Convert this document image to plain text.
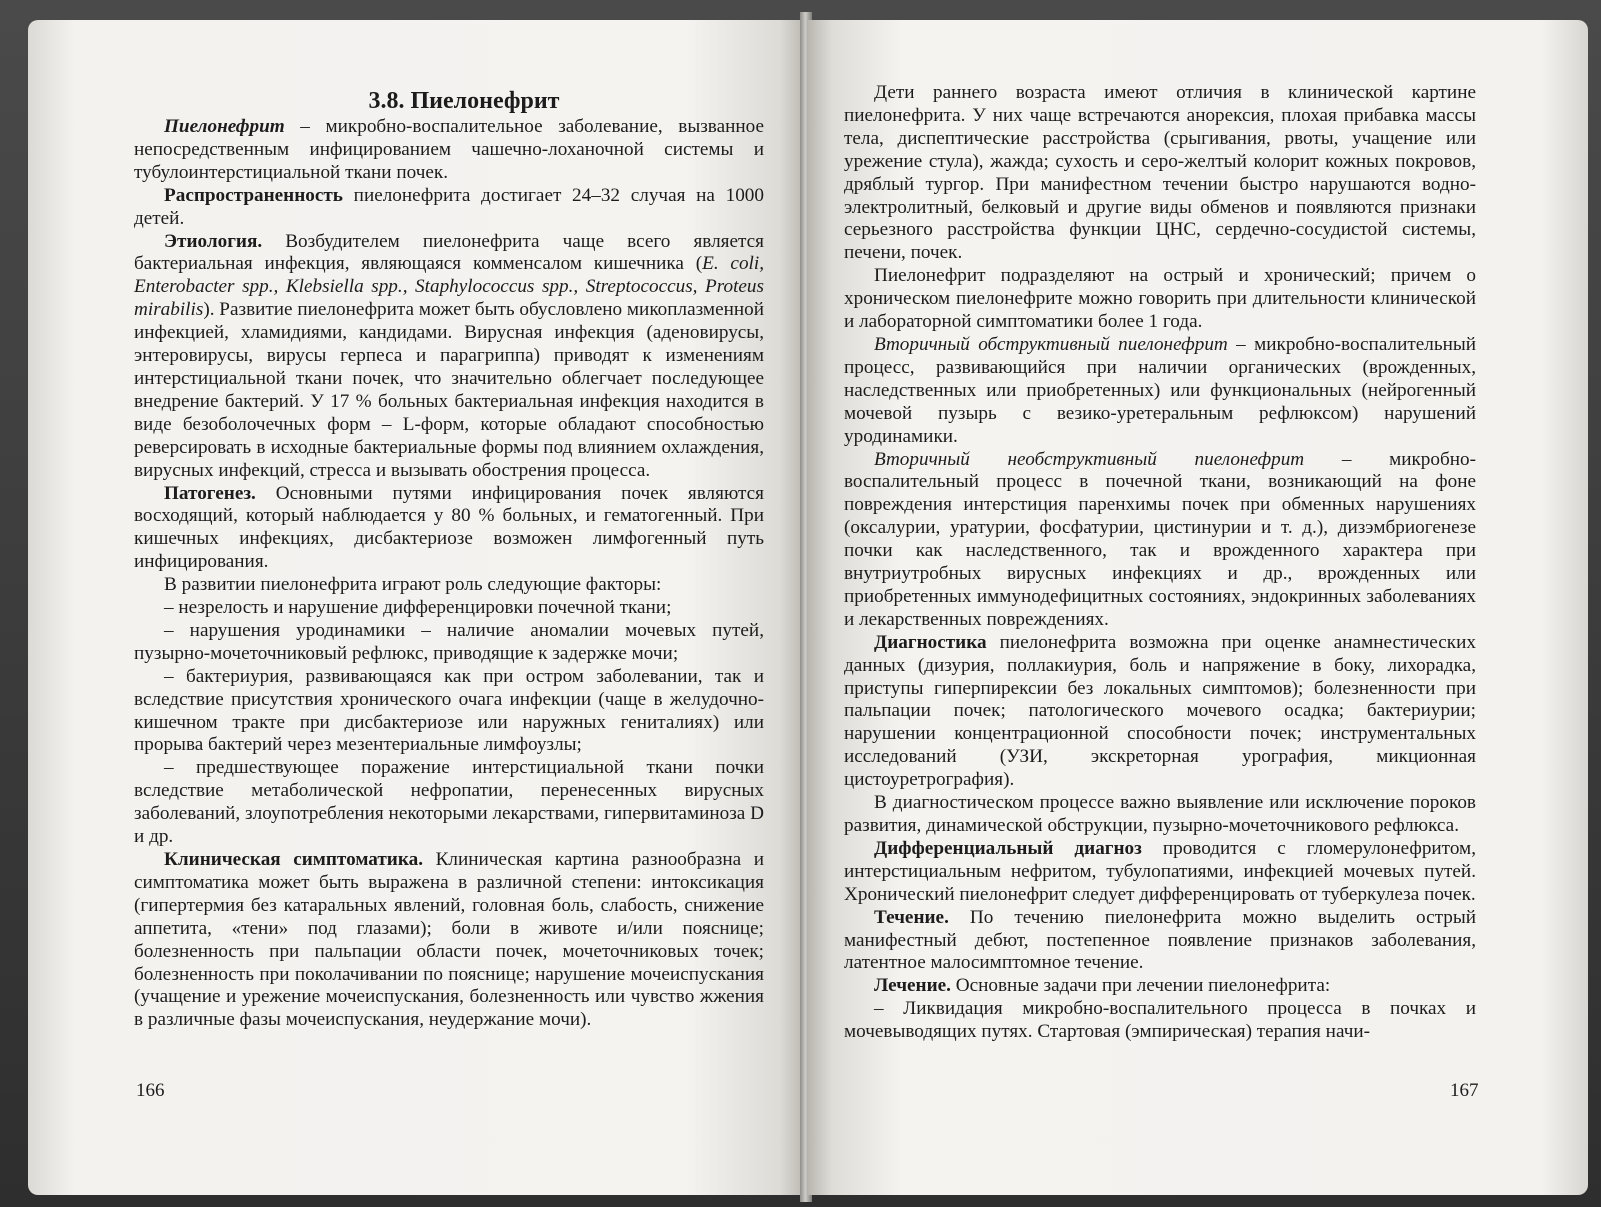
3.8. Пиелонефрит

Пиелонефрит – микробно-воспалительное заболевание, вызванное непосредственным инфицированием чашечно-лоханочной системы и тубулоинтерстициальной ткани почек.

Распространенность пиелонефрита достигает 24–32 случая на 1000 детей.

Этиология. Возбудителем пиелонефрита чаще всего является бактериальная инфекция, являющаяся комменсалом кишечника (E. coli, Enterobacter spp., Klebsiella spp., Staphylococcus spp., Streptococcus, Proteus mirabilis). Развитие пиелонефрита может быть обусловлено микоплазменной инфекцией, хламидиями, кандидами. Вирусная инфекция (аденовирусы, энтеровирусы, вирусы герпеса и парагриппа) приводят к изменениям интерстициальной ткани почек, что значительно облегчает последующее внедрение бактерий. У 17 % больных бактериальная инфекция находится в виде безоболочечных форм – L-форм, которые обладают способностью реверсировать в исходные бактериальные формы под влиянием охлаждения, вирусных инфекций, стресса и вызывать обострения процесса.

Патогенез. Основными путями инфицирования почек являются восходящий, который наблюдается у 80 % больных, и гематогенный. При кишечных инфекциях, дисбактериозе возможен лимфогенный путь инфицирования.

В развитии пиелонефрита играют роль следующие факторы:

– незрелость и нарушение дифференцировки почечной ткани;

– нарушения уродинамики – наличие аномалии мочевых путей, пузырно-мочеточниковый рефлюкс, приводящие к задержке мочи;

– бактериурия, развивающаяся как при остром заболевании, так и вследствие присутствия хронического очага инфекции (чаще в желудочно-кишечном тракте при дисбактериозе или наружных гениталиях) или прорыва бактерий через мезентериальные лимфоузлы;

– предшествующее поражение интерстициальной ткани почки вследствие метаболической нефропатии, перенесенных вирусных заболеваний, злоупотребления некоторыми лекарствами, гипервитаминоза D и др.

Клиническая симптоматика. Клиническая картина разнообразна и симптоматика может быть выражена в различной степени: интоксикация (гипертермия без катаральных явлений, головная боль, слабость, снижение аппетита, «тени» под глазами); боли в животе и/или пояснице; болезненность при пальпации области почек, мочеточниковых точек; болезненность при поколачивании по пояснице; нарушение мочеиспускания (учащение и урежение мочеиспускания, болезненность или чувство жжения в различные фазы мочеиспускания, неудержание мочи).

166

Дети раннего возраста имеют отличия в клинической картине пиелонефрита. У них чаще встречаются анорексия, плохая прибавка массы тела, диспептические расстройства (срыгивания, рвоты, учащение или урежение стула), жажда; сухость и серо-желтый колорит кожных покровов, дряблый тургор. При манифестном течении быстро нарушаются водно-электролитный, белковый и другие виды обменов и появляются признаки серьезного расстройства функции ЦНС, сердечно-сосудистой системы, печени, почек.

Пиелонефрит подразделяют на острый и хронический; причем о хроническом пиелонефрите можно говорить при длительности клинической и лабораторной симптоматики более 1 года.

Вторичный обструктивный пиелонефрит – микробно-воспалительный процесс, развивающийся при наличии органических (врожденных, наследственных или приобретенных) или функциональных (нейрогенный мочевой пузырь с везико-уретеральным рефлюксом) нарушений уродинамики.

Вторичный необструктивный пиелонефрит – микробно-воспалительный процесс в почечной ткани, возникающий на фоне повреждения интерстиция паренхимы почек при обменных нарушениях (оксалурии, уратурии, фосфатурии, цистинурии и т. д.), дизэмбриогенезе почки как наследственного, так и врожденного характера при внутриутробных вирусных инфекциях и др., врожденных или приобретенных иммунодефицитных состояниях, эндокринных заболеваниях и лекарственных повреждениях.

Диагностика пиелонефрита возможна при оценке анамнестических данных (дизурия, поллакиурия, боль и напряжение в боку, лихорадка, приступы гиперпирексии без локальных симптомов); болезненности при пальпации почек; патологического мочевого осадка; бактериурии; нарушении концентрационной способности почек; инструментальных исследований (УЗИ, экскреторная урография, микционная цистоуретрография).

В диагностическом процессе важно выявление или исключение пороков развития, динамической обструкции, пузырно-мочеточникового рефлюкса.

Дифференциальный диагноз проводится с гломерулонефритом, интерстициальным нефритом, тубулопатиями, инфекцией мочевых путей. Хронический пиелонефрит следует дифференцировать от туберкулеза почек.

Течение. По течению пиелонефрита можно выделить острый манифестный дебют, постепенное появление признаков заболевания, латентное малосимптомное течение.

Лечение. Основные задачи при лечении пиелонефрита:

– Ликвидация микробно-воспалительного процесса в почках и мочевыводящих путях. Стартовая (эмпирическая) терапия начи-

167
